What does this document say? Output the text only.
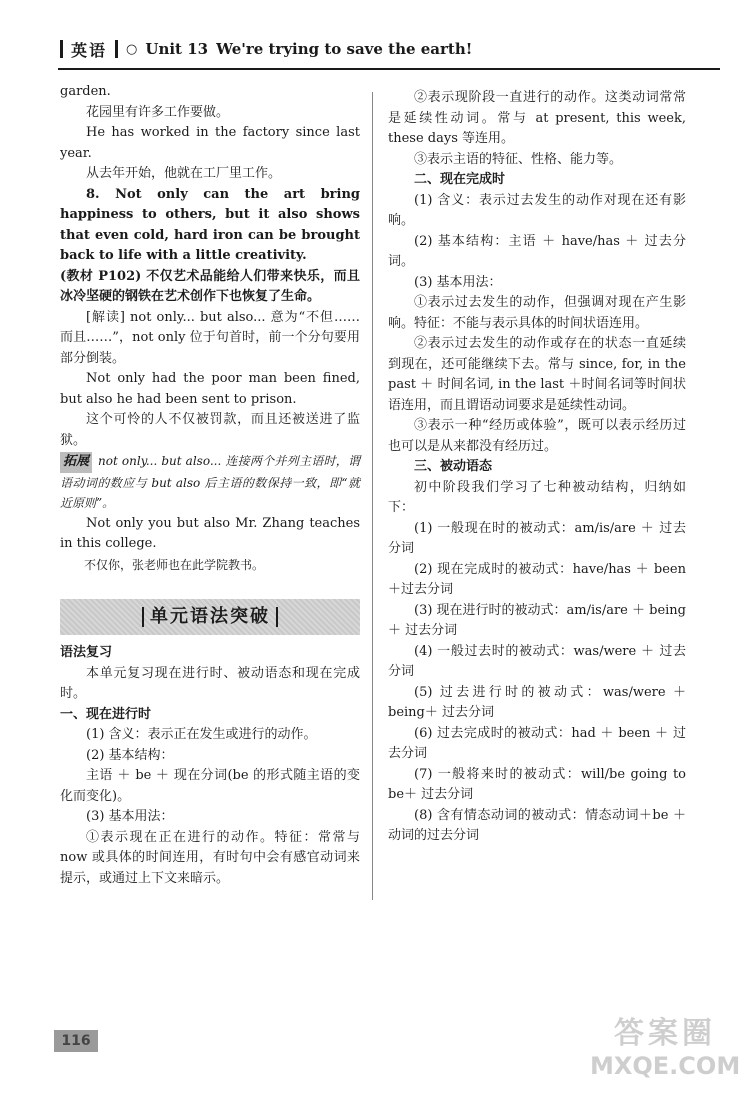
英语 ○ Unit 13 We're trying to save the earth!

garden.

花园里有许多工作要做。

He has worked in the factory since last year.

从去年开始，他就在工厂里工作。

8. Not only can the art bring happiness to others, but it also shows that even cold, hard iron can be brought back to life with a little creativity.

(教材 P102) 不仅艺术品能给人们带来快乐，而且冰冷坚硬的钢铁在艺术创作下也恢复了生命。

[解读] not only... but also... 意为“不但……而且……”，not only 位于句首时，前一个分句要用部分倒装。

Not only had the poor man been fined, but also he had been sent to prison.

这个可怜的人不仅被罚款，而且还被送进了监狱。

拓展 not only... but also... 连接两个并列主语时，谓语动词的数应与 but also 后主语的数保持一致，即“就近原则”。

Not only you but also Mr. Zhang teaches in this college.

不仅你，张老师也在此学院教书。

单元语法突破

语法复习

本单元复习现在进行时、被动语态和现在完成时。

一、现在进行时

(1) 含义：表示正在发生或进行的动作。

(2) 基本结构：

主语 ＋ be ＋ 现在分词(be 的形式随主语的变化而变化)。

(3) 基本用法：

①表示现在正在进行的动作。特征：常常与 now 或具体的时间连用，有时句中会有感官动词来提示，或通过上下文来暗示。

②表示现阶段一直进行的动作。这类动词常常是延续性动词。常与 at present, this week, these days 等连用。

③表示主语的特征、性格、能力等。

二、现在完成时

(1) 含义：表示过去发生的动作对现在还有影响。

(2) 基本结构：主语 ＋ have/has ＋ 过去分词。

(3) 基本用法：

①表示过去发生的动作，但强调对现在产生影响。特征：不能与表示具体的时间状语连用。

②表示过去发生的动作或存在的状态一直延续到现在，还可能继续下去。常与 since, for, in the past ＋ 时间名词, in the last ＋时间名词等时间状语连用，而且谓语动词要求是延续性动词。

③表示一种“经历或体验”，既可以表示经历过也可以是从来都没有经历过。

三、被动语态

初中阶段我们学习了七种被动结构，归纳如下：

(1) 一般现在时的被动式：am/is/are ＋ 过去分词

(2) 现在完成时的被动式：have/has ＋ been＋过去分词

(3) 现在进行时的被动式：am/is/are ＋ being＋ 过去分词

(4) 一般过去时的被动式：was/were ＋ 过去分词

(5) 过去进行时的被动式：was/were ＋ being＋ 过去分词

(6) 过去完成时的被动式：had ＋ been ＋ 过去分词

(7) 一般将来时的被动式：will/be going to be＋ 过去分词

(8) 含有情态动词的被动式：情态动词＋be ＋ 动词的过去分词

116	答案圈
MXQE.COM
